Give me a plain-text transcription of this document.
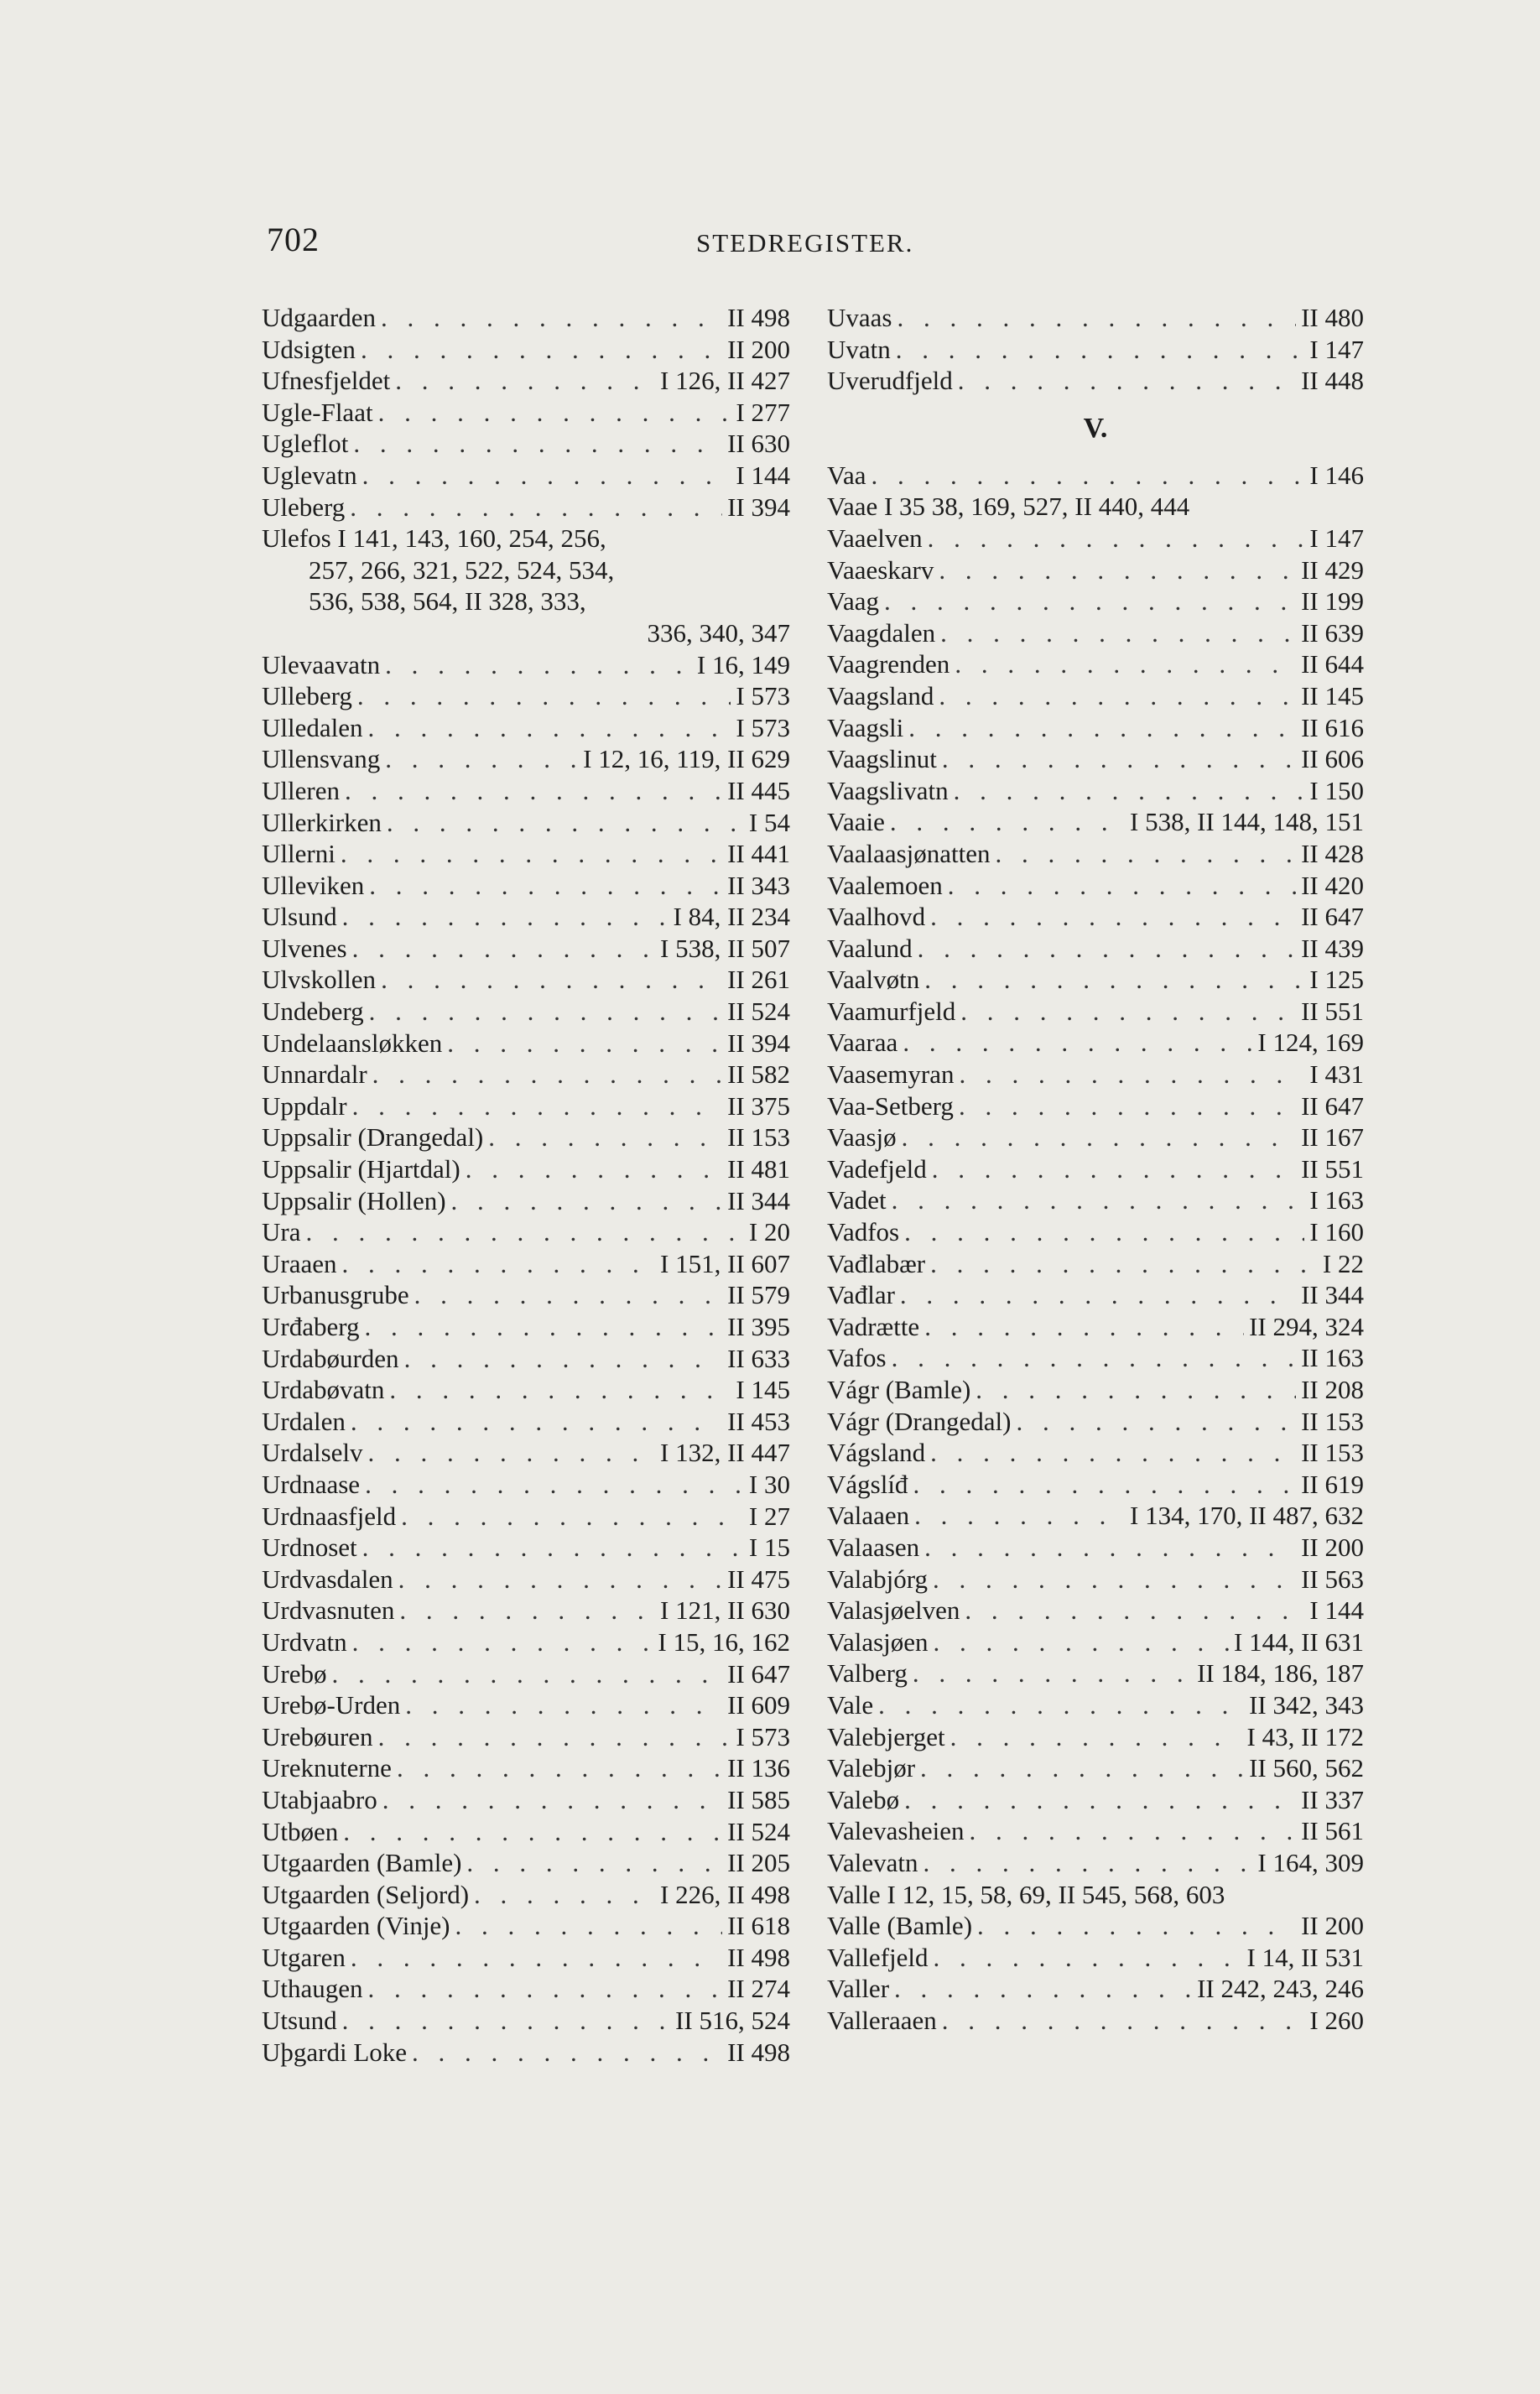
702	STEDREGISTER.
Udgaarden . . .	II 498
Udsigten . . .	II 200
Ufnesfjeldet . . .	I 126, II 427
Ugle-Flaat . . .	I 277
Ugleflot . . .	II 630
Uglevatn . . .	I 144
Uleberg . . .	II 394
Ulefos I 141, 143, 160, 254, 256,
257, 266, 321, 522, 524, 534,
536, 538, 564, II 328, 333,
336, 340, 347
Ulevaavatn . . .	I 16, 149
Ulleberg . . .	I 573
Ulledalen . . .	I 573
Ullensvang . . .	I 12, 16, 119, II 629
Ulleren . . .	II 445
Ullerkirken . . .	I 54
Ullerni . . .	II 441
Ulleviken . . .	II 343
Ulsund . . .	I 84, II 234
Ulvenes . . .	I 538, II 507
Ulvskollen . . .	II 261
Undeberg . . .	II 524
Undelaansløkken . . .	II 394
Unnardalr . . .	II 582
Uppdalr . . .	II 375
Uppsalir (Drangedal) . . .	II 153
Uppsalir (Hjartdal) . . .	II 481
Uppsalir (Hollen) . . .	II 344
Ura . . .	I 20
Uraaen . . .	I 151, II 607
Urbanusgrube . . .	II 579
Urđaberg . . .	II 395
Urdabøurden . . .	II 633
Urdabøvatn . . .	I 145
Urdalen . . .	II 453
Urdalselv . . .	I 132, II 447
Urdnaase . . .	I 30
Urdnaasfjeld . . .	I 27
Urdnoset . . .	I 15
Urdvasdalen . . .	II 475
Urdvasnuten . . .	I 121, II 630
Urdvatn . . .	I 15, 16, 162
Urebø . . .	II 647
Urebø-Urden . . .	II 609
Urebøuren . . .	I 573
Ureknuterne . . .	II 136
Utabjaabro . . .	II 585
Utbøen . . .	II 524
Utgaarden (Bamle) . . .	II 205
Utgaarden (Seljord) . . .	I 226, II 498
Utgaarden (Vinje) . . .	II 618
Utgaren . . .	II 498
Uthaugen . . .	II 274
Utsund . . .	II 516, 524
Uþgardi Loke . . .	II 498
Uvaas . . .	II 480
Uvatn . . .	I 147
Uverudfjeld . . .	II 448
V.
Vaa . . .	I 146
Vaae I 35 38, 169, 527, II 440, 444
Vaaelven . . .	I 147
Vaaeskarv . . .	II 429
Vaag . . .	II 199
Vaagdalen . . .	II 639
Vaagrenden . . .	II 644
Vaagsland . . .	II 145
Vaagsli . . .	II 616
Vaagslinut . . .	II 606
Vaagslivatn . . .	I 150
Vaaie . . .	I 538, II 144, 148, 151
Vaalaasjønatten . . .	II 428
Vaalemoen . . .	II 420
Vaalhovd . . .	II 647
Vaalund . . .	II 439
Vaalvøtn . . .	I 125
Vaamurfjeld . . .	II 551
Vaaraa . . .	I 124, 169
Vaasemyran . . .	I 431
Vaa-Setberg . . .	II 647
Vaasjø . . .	II 167
Vadefjeld . . .	II 551
Vadet . . .	I 163
Vadfos . . .	I 160
Vađlabær . . .	I 22
Vađlar . . .	II 344
Vadrætte . . .	II 294, 324
Vafos . . .	II 163
Vágr (Bamle) . . .	II 208
Vágr (Drangedal) . . .	II 153
Vágsland . . .	II 153
Vágslíđ . . .	II 619
Valaaen . . .	I 134, 170, II 487, 632
Valaasen . . .	II 200
Valabjórg . . .	II 563
Valasjøelven . . .	I 144
Valasjøen . . .	I 144, II 631
Valberg . . .	II 184, 186, 187
Vale . . .	II 342, 343
Valebjerget . . .	I 43, II 172
Valebjør . . .	II 560, 562
Valebø . . .	II 337
Valevasheien . . .	II 561
Valevatn . . .	I 164, 309
Valle I 12, 15, 58, 69, II 545, 568, 603
Valle (Bamle) . . .	II 200
Vallefjeld . . .	I 14, II 531
Valler . . .	II 242, 243, 246
Valleraaen . . .	I 260
